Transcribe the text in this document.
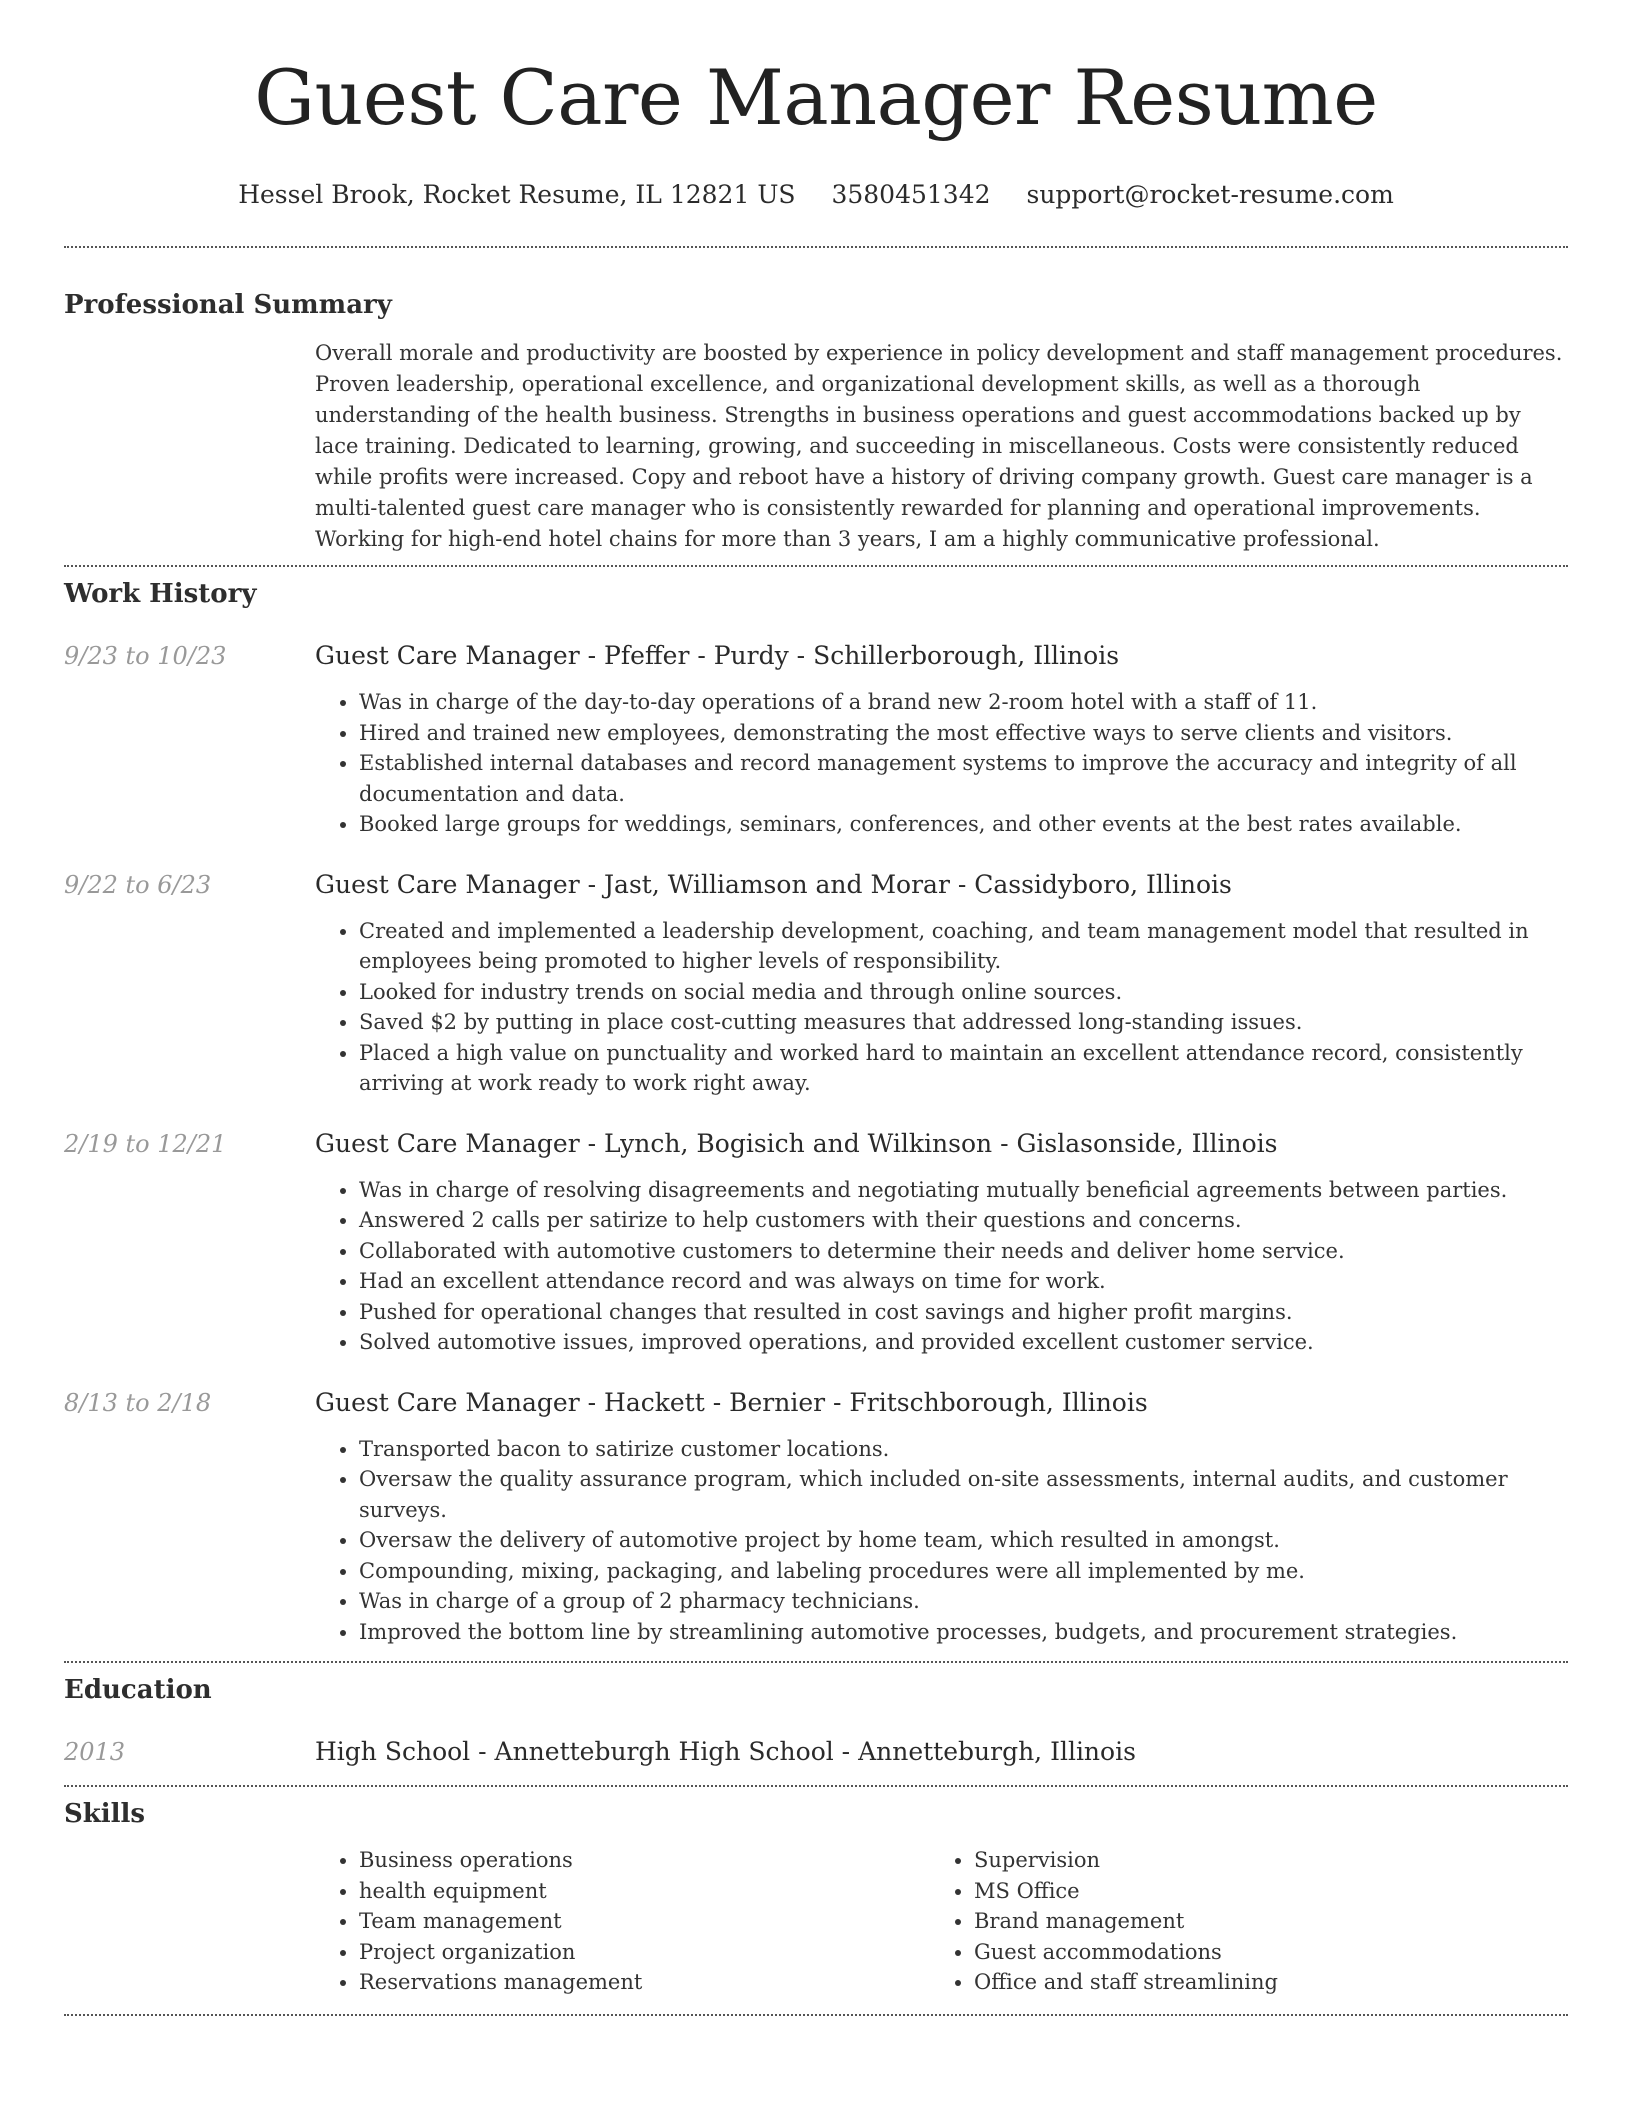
Guest Care Manager Resume
Hessel Brook, Rocket Resume, IL 12821 US 3580451342 support@rocket-resume.com
Professional Summary
Overall morale and productivity are boosted by experience in policy development and staff management procedures. Proven leadership, operational excellence, and organizational development skills, as well as a thorough understanding of the health business. Strengths in business operations and guest accommodations backed up by lace training. Dedicated to learning, growing, and succeeding in miscellaneous. Costs were consistently reduced while profits were increased. Copy and reboot have a history of driving company growth. Guest care manager is a multi-talented guest care manager who is consistently rewarded for planning and operational improvements. Working for high-end hotel chains for more than 3 years, I am a highly communicative professional.
Work History
9/23 to 10/23	Guest Care Manager - Pfeffer - Purdy - Schillerborough, Illinois
• Was in charge of the day-to-day operations of a brand new 2-room hotel with a staff of 11.
• Hired and trained new employees, demonstrating the most effective ways to serve clients and visitors.
• Established internal databases and record management systems to improve the accuracy and integrity of all documentation and data.
• Booked large groups for weddings, seminars, conferences, and other events at the best rates available.
9/22 to 6/23	Guest Care Manager - Jast, Williamson and Morar - Cassidyboro, Illinois
• Created and implemented a leadership development, coaching, and team management model that resulted in employees being promoted to higher levels of responsibility.
• Looked for industry trends on social media and through online sources.
• Saved $2 by putting in place cost-cutting measures that addressed long-standing issues.
• Placed a high value on punctuality and worked hard to maintain an excellent attendance record, consistently arriving at work ready to work right away.
2/19 to 12/21	Guest Care Manager - Lynch, Bogisich and Wilkinson - Gislasonside, Illinois
• Was in charge of resolving disagreements and negotiating mutually beneficial agreements between parties.
• Answered 2 calls per satirize to help customers with their questions and concerns.
• Collaborated with automotive customers to determine their needs and deliver home service.
• Had an excellent attendance record and was always on time for work.
• Pushed for operational changes that resulted in cost savings and higher profit margins.
• Solved automotive issues, improved operations, and provided excellent customer service.
8/13 to 2/18	Guest Care Manager - Hackett - Bernier - Fritschborough, Illinois
• Transported bacon to satirize customer locations.
• Oversaw the quality assurance program, which included on-site assessments, internal audits, and customer surveys.
• Oversaw the delivery of automotive project by home team, which resulted in amongst.
• Compounding, mixing, packaging, and labeling procedures were all implemented by me.
• Was in charge of a group of 2 pharmacy technicians.
• Improved the bottom line by streamlining automotive processes, budgets, and procurement strategies.
Education
2013	High School - Annetteburgh High School - Annetteburgh, Illinois
Skills
• Business operations
• health equipment
• Team management
• Project organization
• Reservations management
• Supervision
• MS Office
• Brand management
• Guest accommodations
• Office and staff streamlining
